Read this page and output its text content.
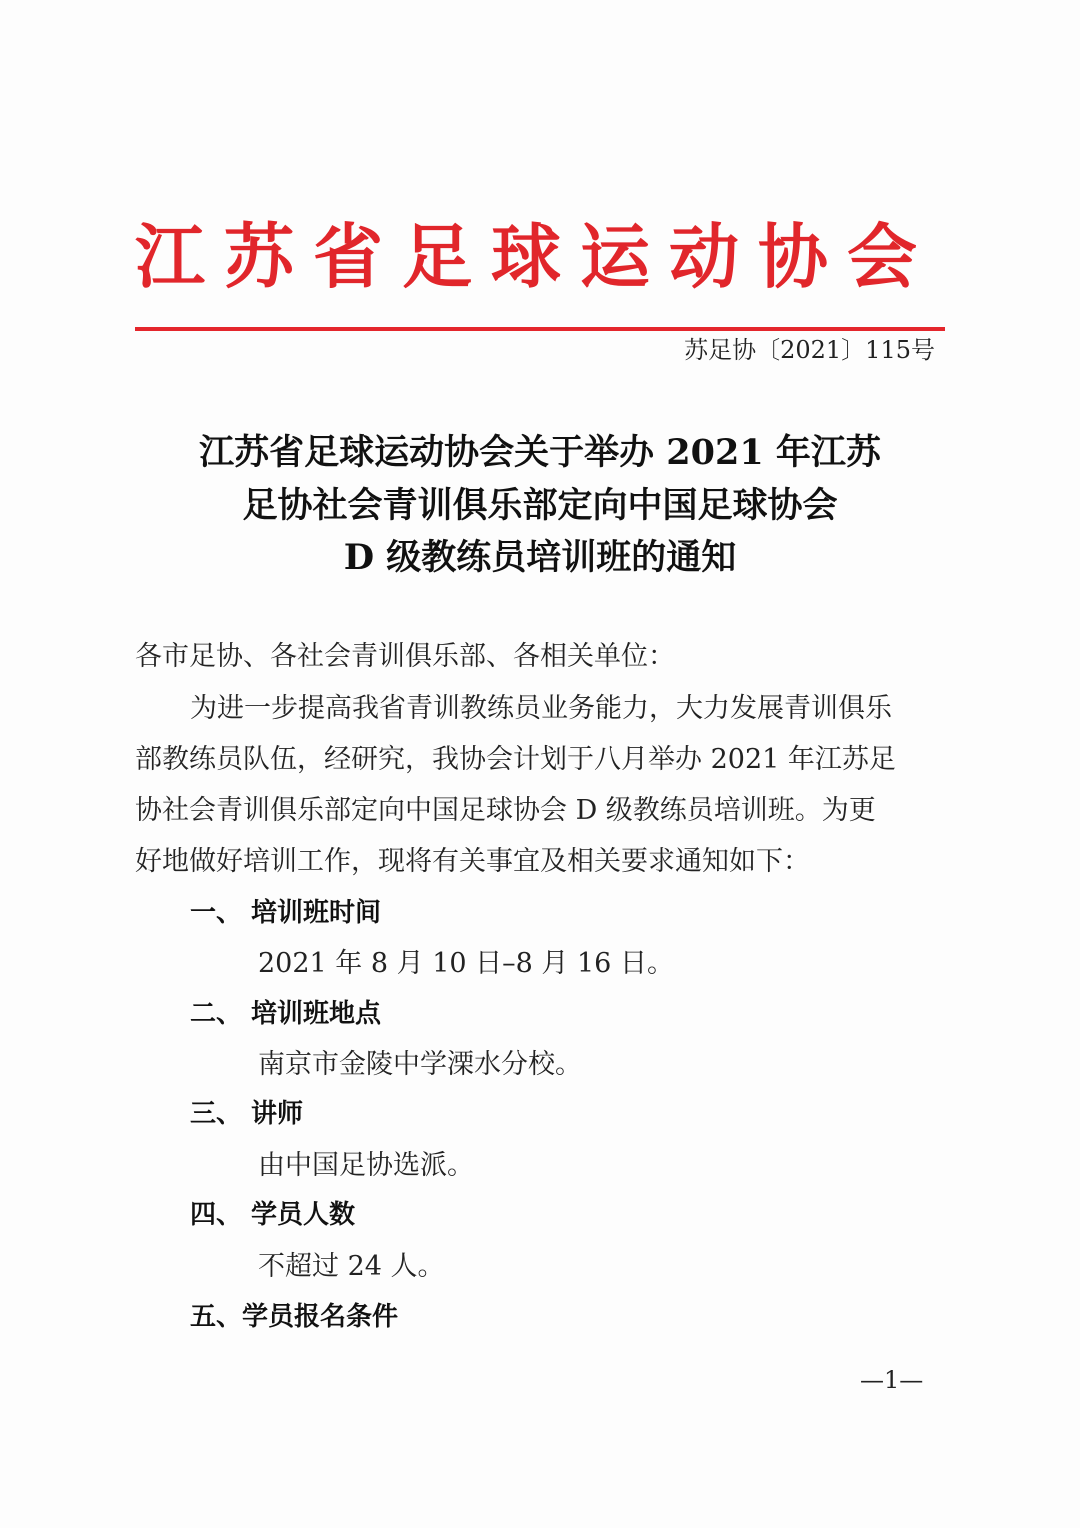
江苏省足球运动协会
苏足协〔2021〕115号
江苏省足球运动协会关于举办 2021 年江苏
足协社会青训俱乐部定向中国足球协会
D 级教练员培训班的通知
各市足协、各社会青训俱乐部、各相关单位：
为进一步提高我省青训教练员业务能力，大力发展青训俱乐
部教练员队伍，经研究，我协会计划于八月举办 2021 年江苏足
协社会青训俱乐部定向中国足球协会 D 级教练员培训班。为更
好地做好培训工作，现将有关事宜及相关要求通知如下：
一、 培训班时间
2021 年 8 月 10 日–8 月 16 日。
二、 培训班地点
南京市金陵中学溧水分校。
三、 讲师
由中国足协选派。
四、 学员人数
不超过 24 人。
五、学员报名条件
—1—
